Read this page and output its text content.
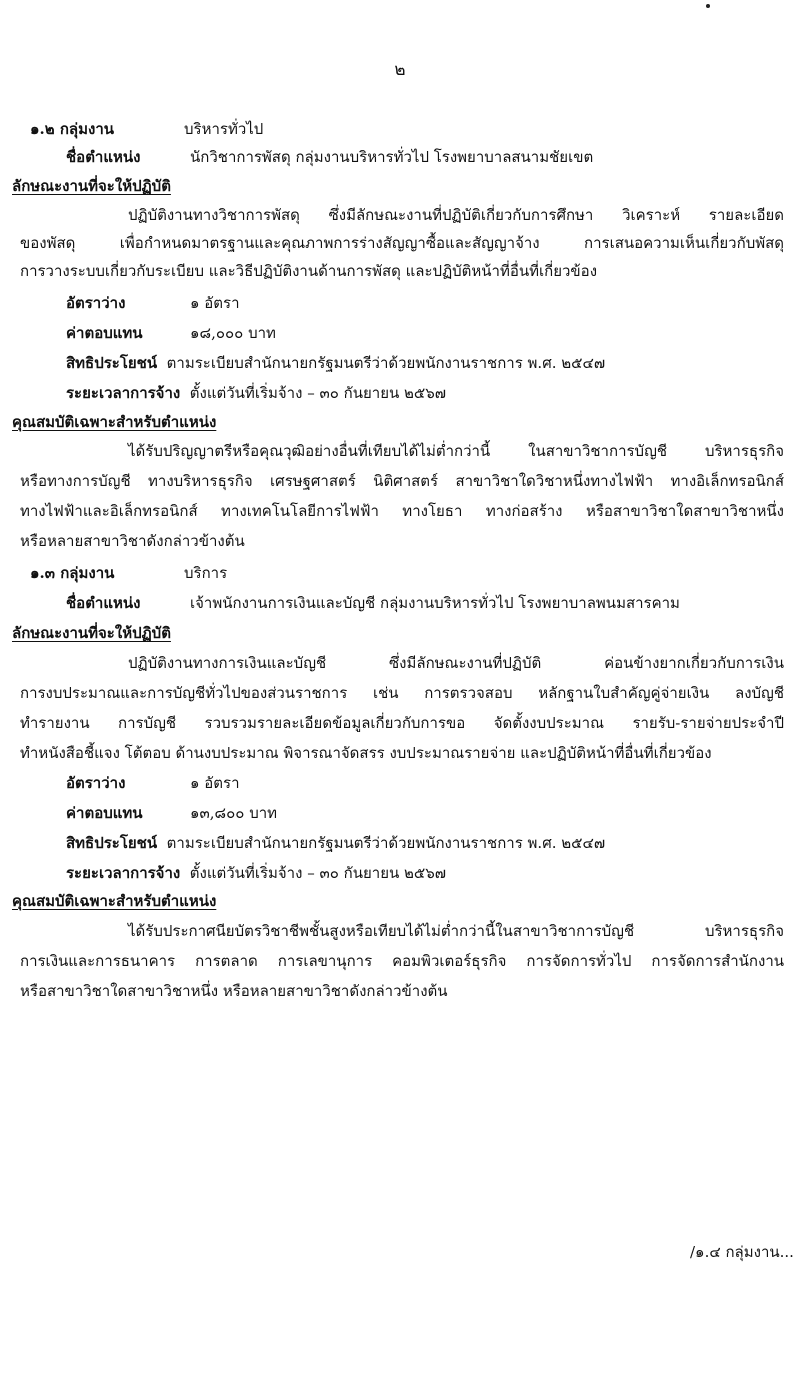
๒
๑.๒ กลุ่มงาน	บริหารทั่วไป
ชื่อตำแหน่ง	นักวิชาการพัสดุ กลุ่มงานบริหารทั่วไป โรงพยาบาลสนามชัยเขต
ลักษณะงานที่จะให้ปฏิบัติ
ปฏิบัติงานทางวิชาการพัสดุ ซึ่งมีลักษณะงานที่ปฏิบัติเกี่ยวกับการศึกษา วิเคราะห์ รายละเอียด
ของพัสดุ เพื่อกำหนดมาตรฐานและคุณภาพการร่างสัญญาซื้อและสัญญาจ้าง การเสนอความเห็นเกี่ยวกับพัสดุ
การวางระบบเกี่ยวกับระเบียบ และวิธีปฏิบัติงานด้านการพัสดุ และปฏิบัติหน้าที่อื่นที่เกี่ยวข้อง
อัตราว่าง	๑ อัตรา
ค่าตอบแทน	๑๘,๐๐๐ บาท
สิทธิประโยชน์ ตามระเบียบสำนักนายกรัฐมนตรีว่าด้วยพนักงานราชการ พ.ศ. ๒๕๔๗
ระยะเวลาการจ้าง ตั้งแต่วันที่เริ่มจ้าง – ๓๐ กันยายน ๒๕๖๗
คุณสมบัติเฉพาะสำหรับตำแหน่ง
ได้รับปริญญาตรีหรือคุณวุฒิอย่างอื่นที่เทียบได้ไม่ต่ำกว่านี้ ในสาขาวิชาการบัญชี บริหารธุรกิจ
หรือทางการบัญชี ทางบริหารธุรกิจ เศรษฐศาสตร์ นิติศาสตร์ สาขาวิชาใดวิชาหนึ่งทางไฟฟ้า ทางอิเล็กทรอนิกส์
ทางไฟฟ้าและอิเล็กทรอนิกส์ ทางเทคโนโลยีการไฟฟ้า ทางโยธา ทางก่อสร้าง หรือสาขาวิชาใดสาขาวิชาหนึ่ง
หรือหลายสาขาวิชาดังกล่าวข้างต้น
๑.๓ กลุ่มงาน	บริการ
ชื่อตำแหน่ง	เจ้าพนักงานการเงินและบัญชี กลุ่มงานบริหารทั่วไป โรงพยาบาลพนมสารคาม
ลักษณะงานที่จะให้ปฏิบัติ
ปฏิบัติงานทางการเงินและบัญชี ซึ่งมีลักษณะงานที่ปฏิบัติ ค่อนข้างยากเกี่ยวกับการเงิน
การงบประมาณและการบัญชีทั่วไปของส่วนราชการ เช่น การตรวจสอบ หลักฐานใบสำคัญคู่จ่ายเงิน ลงบัญชี
ทำรายงาน การบัญชี รวบรวมรายละเอียดข้อมูลเกี่ยวกับการขอ จัดตั้งงบประมาณ รายรับ-รายจ่ายประจำปี
ทำหนังสือชี้แจง โต้ตอบ ด้านงบประมาณ พิจารณาจัดสรร งบประมาณรายจ่าย และปฏิบัติหน้าที่อื่นที่เกี่ยวข้อง
อัตราว่าง	๑ อัตรา
ค่าตอบแทน	๑๓,๘๐๐ บาท
สิทธิประโยชน์ ตามระเบียบสำนักนายกรัฐมนตรีว่าด้วยพนักงานราชการ พ.ศ. ๒๕๔๗
ระยะเวลาการจ้าง ตั้งแต่วันที่เริ่มจ้าง – ๓๐ กันยายน ๒๕๖๗
คุณสมบัติเฉพาะสำหรับตำแหน่ง
ได้รับประกาศนียบัตรวิชาชีพชั้นสูงหรือเทียบได้ไม่ต่ำกว่านี้ในสาขาวิชาการบัญชี บริหารธุรกิจ
การเงินและการธนาคาร การตลาด การเลขานุการ คอมพิวเตอร์ธุรกิจ การจัดการทั่วไป การจัดการสำนักงาน
หรือสาขาวิชาใดสาขาวิชาหนึ่ง หรือหลายสาขาวิชาดังกล่าวข้างต้น
/๑.๔ กลุ่มงาน...
